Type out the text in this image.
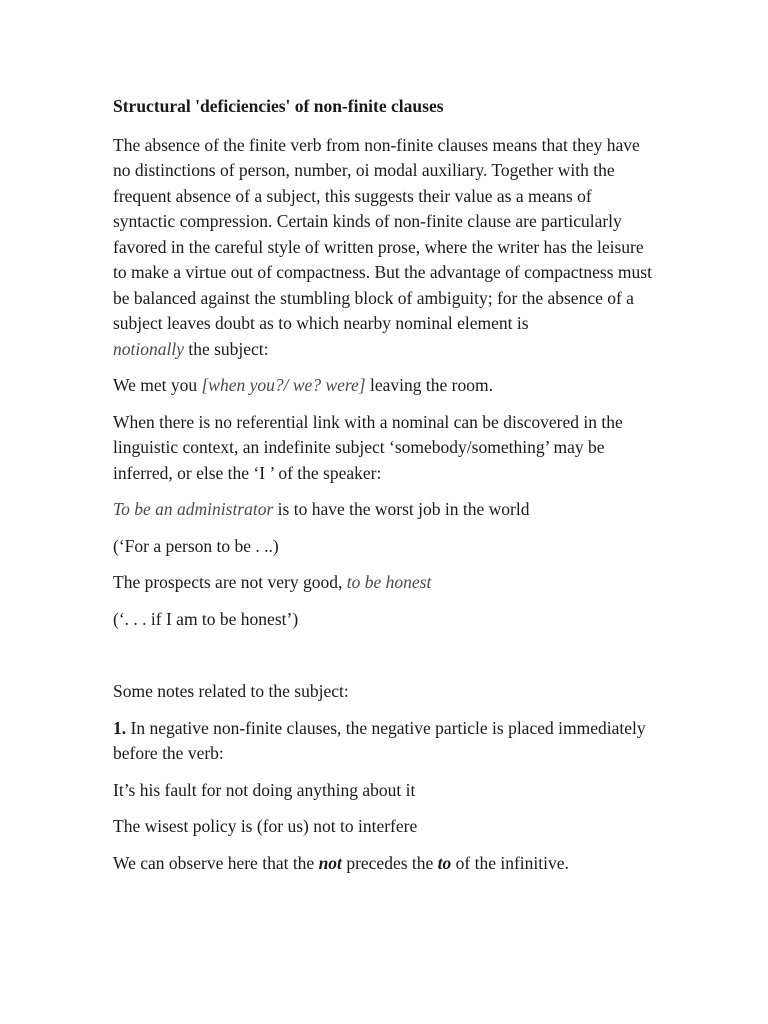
Structural 'deficiencies' of non-finite clauses

The absence of the finite verb from non-finite clauses means that they have no distinctions of person, number, oi modal auxiliary. Together with the frequent absence of a subject, this suggests their value as a means of syntactic compression. Certain kinds of non-finite clause are particularly favored in the careful style of written prose, where the writer has the leisure to make a virtue out of compactness. But the advantage of compactness must be balanced against the stumbling block of ambiguity; for the absence of a subject leaves doubt as to which nearby nominal element is
notionally the subject:

We met you [when you?/ we? were] leaving the room.

When there is no referential link with a nominal can be discovered in the linguistic context, an indefinite subject ‘somebody/something’ may be inferred, or else the ‘I ’ of the speaker:

To be an administrator is to have the worst job in the world

(‘For a person to be . ..)

The prospects are not very good, to be honest

(‘. . . if I am to be honest’)

Some notes related to the subject:

1. In negative non-finite clauses, the negative particle is placed immediately before the verb:

It’s his fault for not doing anything about it

The wisest policy is (for us) not to interfere

We can observe here that the not precedes the to of the infinitive.
